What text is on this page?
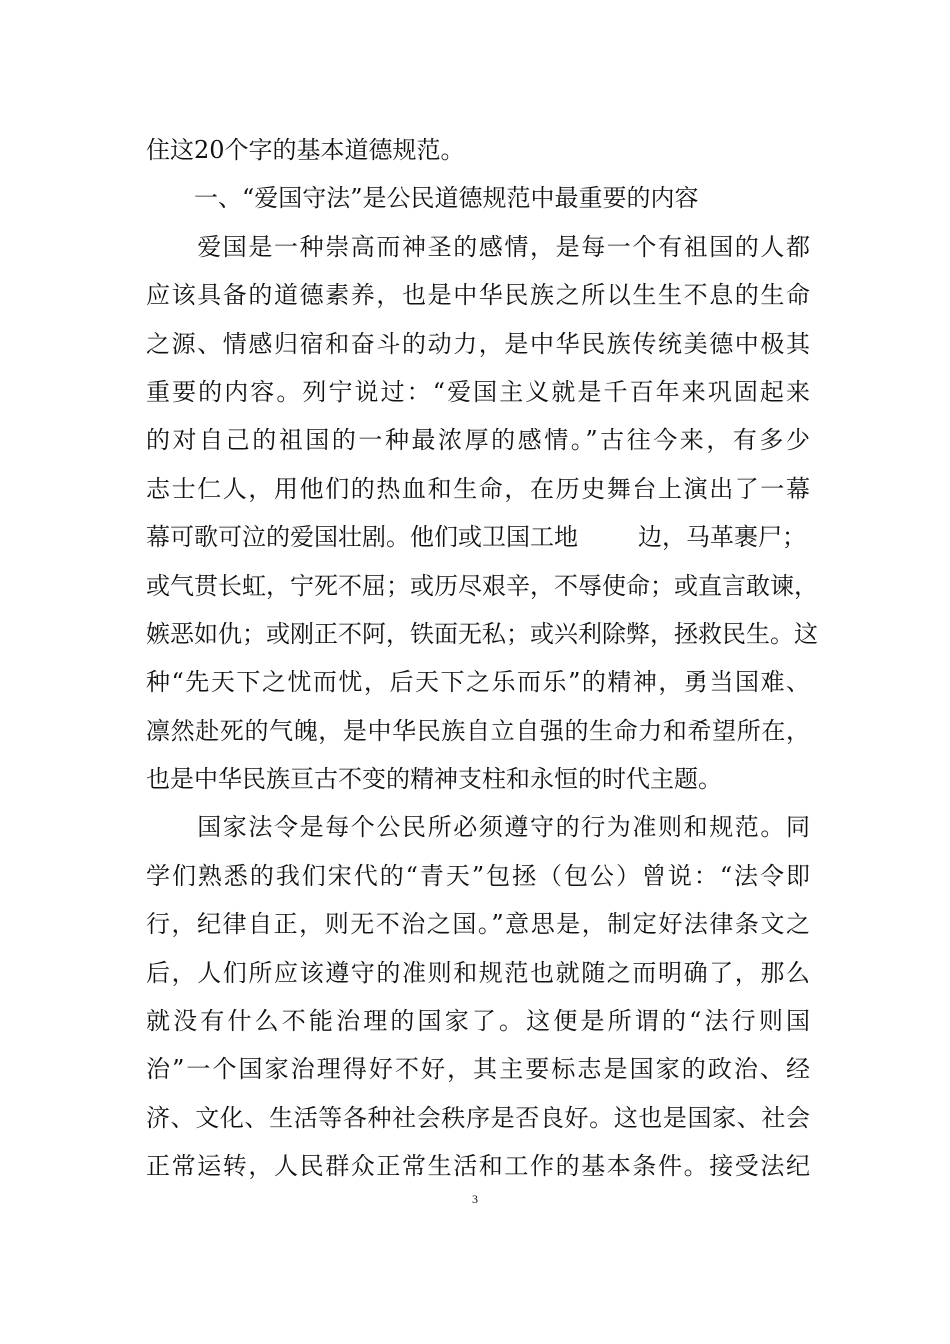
住这20个字的基本道德规范。
　　一、“爱国守法”是公民道德规范中最重要的内容
　　爱国是一种崇高而神圣的感情，是每一个有祖国的人都
应该具备的道德素养，也是中华民族之所以生生不息的生命
之源、情感归宿和奋斗的动力，是中华民族传统美德中极其
重要的内容。列宁说过：“爱国主义就是千百年来巩固起来
的对自己的祖国的一种最浓厚的感情。”古往今来，有多少
志士仁人，用他们的热血和生命，在历史舞台上演出了一幕
幕可歌可泣的爱国壮剧。他们或卫国工地	边，马革裹尸；
或气贯长虹，宁死不屈；或历尽艰辛，不辱使命；或直言敢谏，
嫉恶如仇；或刚正不阿，铁面无私；或兴利除弊，拯救民生。这
种“先天下之忧而忧，后天下之乐而乐”的精神，勇当国难、
凛然赴死的气魄，是中华民族自立自强的生命力和希望所在，
也是中华民族亘古不变的精神支柱和永恒的时代主题。
　　国家法令是每个公民所必须遵守的行为准则和规范。同
学们熟悉的我们宋代的“青天”包拯（包公）曾说：“法令即
行，纪律自正，则无不治之国。”意思是，制定好法律条文之
后，人们所应该遵守的准则和规范也就随之而明确了，那么
就没有什么不能治理的国家了。这便是所谓的“法行则国
治”一个国家治理得好不好，其主要标志是国家的政治、经
济、文化、生活等各种社会秩序是否良好。这也是国家、社会
正常运转，人民群众正常生活和工作的基本条件。接受法纪
3
